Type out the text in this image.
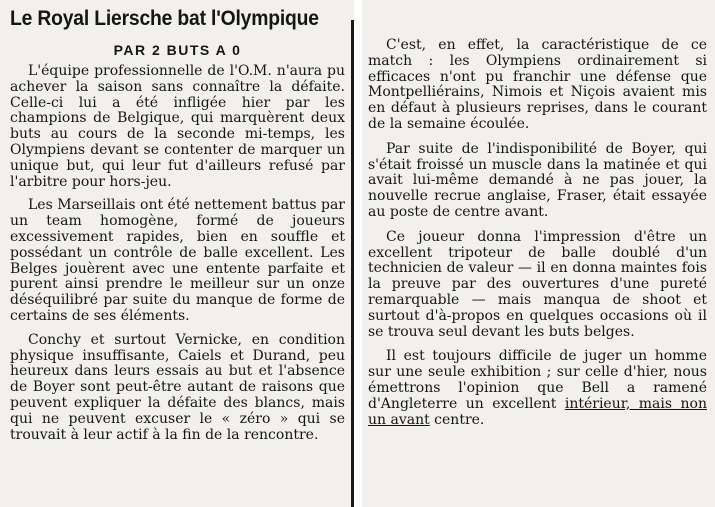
Le Royal Liersche bat l'Olympique
PAR 2 BUTS A 0

L'équipe professionnelle de l'O.M. n'aura pu achever la saison sans connaître la défaite. Celle-ci lui a été infligée hier par les champions de Belgique, qui marquèrent deux buts au cours de la seconde mi-temps, les Olympiens devant se contenter de marquer un unique but, qui leur fut d'ailleurs refusé par l'arbitre pour hors-jeu.

Les Marseillais ont été nettement battus par un team homogène, formé de joueurs excessivement rapides, bien en souffle et possédant un contrôle de balle excellent. Les Belges jouèrent avec une entente parfaite et purent ainsi prendre le meilleur sur un onze déséquilibré par suite du manque de forme de certains de ses éléments.

Conchy et surtout Vernicke, en condition physique insuffisante, Caiels et Durand, peu heureux dans leurs essais au but et l'absence de Boyer sont peut-être autant de raisons que peuvent expliquer la défaite des blancs, mais qui ne peuvent excuser le « zéro » qui se trouvait à leur actif à la fin de la rencontre.

C'est, en effet, la caractéristique de ce match : les Olympiens ordinairement si efficaces n'ont pu franchir une défense que Montpelliérains, Nimois et Niçois avaient mis en défaut à plusieurs reprises, dans le courant de la semaine écoulée.

Par suite de l'indisponibilité de Boyer, qui s'était froissé un muscle dans la matinée et qui avait lui-même demandé à ne pas jouer, la nouvelle recrue anglaise, Fraser, était essayée au poste de centre avant.

Ce joueur donna l'impression d'être un excellent tripoteur de balle doublé d'un technicien de valeur — il en donna maintes fois la preuve par des ouvertures d'une pureté remarquable — mais manqua de shoot et surtout d'à-propos en quelques occasions où il se trouva seul devant les buts belges.

Il est toujours difficile de juger un homme sur une seule exhibition ; sur celle d'hier, nous émettrons l'opinion que Bell a ramené d'Angleterre un excellent intérieur, mais non un avant centre.
